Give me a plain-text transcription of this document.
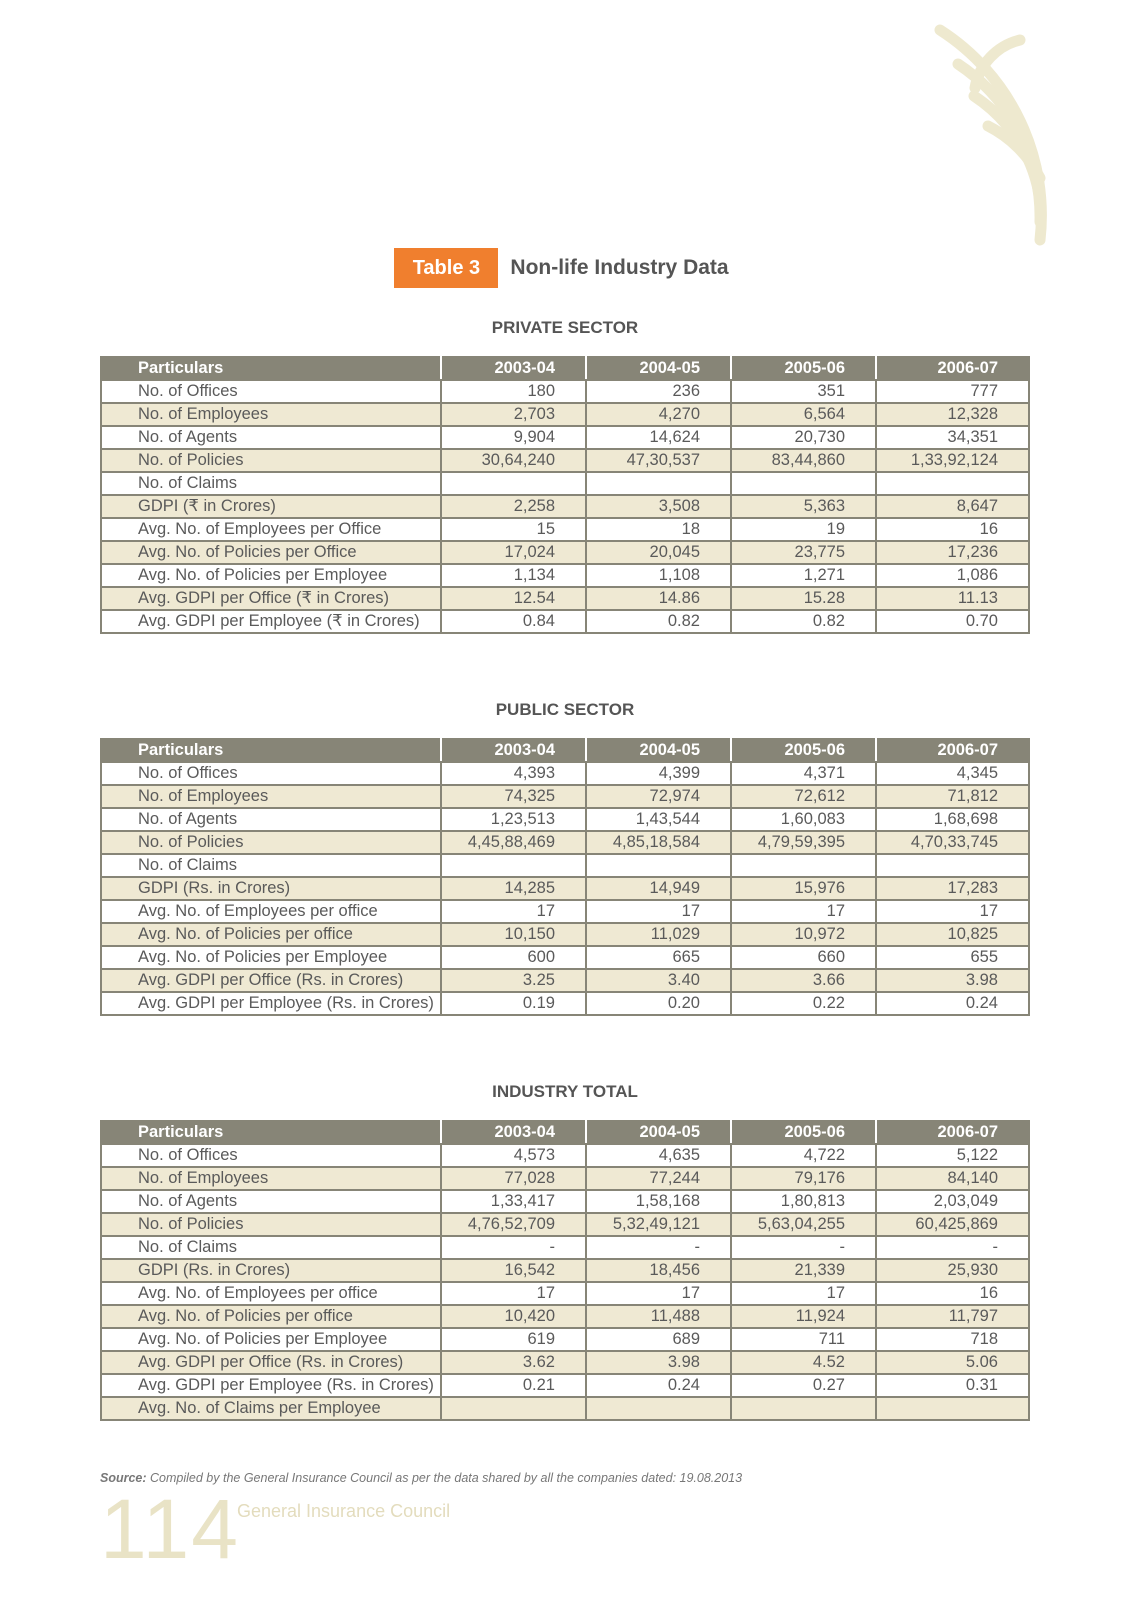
Table 3	Non-life Industry Data
PRIVATE SECTOR
Particulars	2003-04	2004-05	2005-06	2006-07
No. of Offices	180	236	351	777
No. of Employees	2,703	4,270	6,564	12,328
No. of Agents	9,904	14,624	20,730	34,351
No. of Policies	30,64,240	47,30,537	83,44,860	1,33,92,124
No. of Claims				
GDPI (₹ in Crores)	2,258	3,508	5,363	8,647
Avg. No. of Employees per Office	15	18	19	16
Avg. No. of Policies per Office	17,024	20,045	23,775	17,236
Avg. No. of Policies per Employee	1,134	1,108	1,271	1,086
Avg. GDPI per Office (₹ in Crores)	12.54	14.86	15.28	11.13
Avg. GDPI per Employee (₹ in Crores)	0.84	0.82	0.82	0.70
PUBLIC SECTOR
Particulars	2003-04	2004-05	2005-06	2006-07
No. of Offices	4,393	4,399	4,371	4,345
No. of Employees	74,325	72,974	72,612	71,812
No. of Agents	1,23,513	1,43,544	1,60,083	1,68,698
No. of Policies	4,45,88,469	4,85,18,584	4,79,59,395	4,70,33,745
No. of Claims				
GDPI (Rs. in Crores)	14,285	14,949	15,976	17,283
Avg. No. of Employees per office	17	17	17	17
Avg. No. of Policies per office	10,150	11,029	10,972	10,825
Avg. No. of Policies per Employee	600	665	660	655
Avg. GDPI per Office (Rs. in Crores)	3.25	3.40	3.66	3.98
Avg. GDPI per Employee (Rs. in Crores)	0.19	0.20	0.22	0.24
INDUSTRY TOTAL
Particulars	2003-04	2004-05	2005-06	2006-07
No. of Offices	4,573	4,635	4,722	5,122
No. of Employees	77,028	77,244	79,176	84,140
No. of Agents	1,33,417	1,58,168	1,80,813	2,03,049
No. of Policies	4,76,52,709	5,32,49,121	5,63,04,255	60,425,869
No. of Claims	-	-	-	-
GDPI (Rs. in Crores)	16,542	18,456	21,339	25,930
Avg. No. of Employees per office	17	17	17	16
Avg. No. of Policies per office	10,420	11,488	11,924	11,797
Avg. No. of Policies per Employee	619	689	711	718
Avg. GDPI per Office (Rs. in Crores)	3.62	3.98	4.52	5.06
Avg. GDPI per Employee (Rs. in Crores)	0.21	0.24	0.27	0.31
Avg. No. of Claims per Employee				
Source: Compiled by the General Insurance Council as per the data shared by all the companies dated: 19.08.2013
114
General Insurance Council
